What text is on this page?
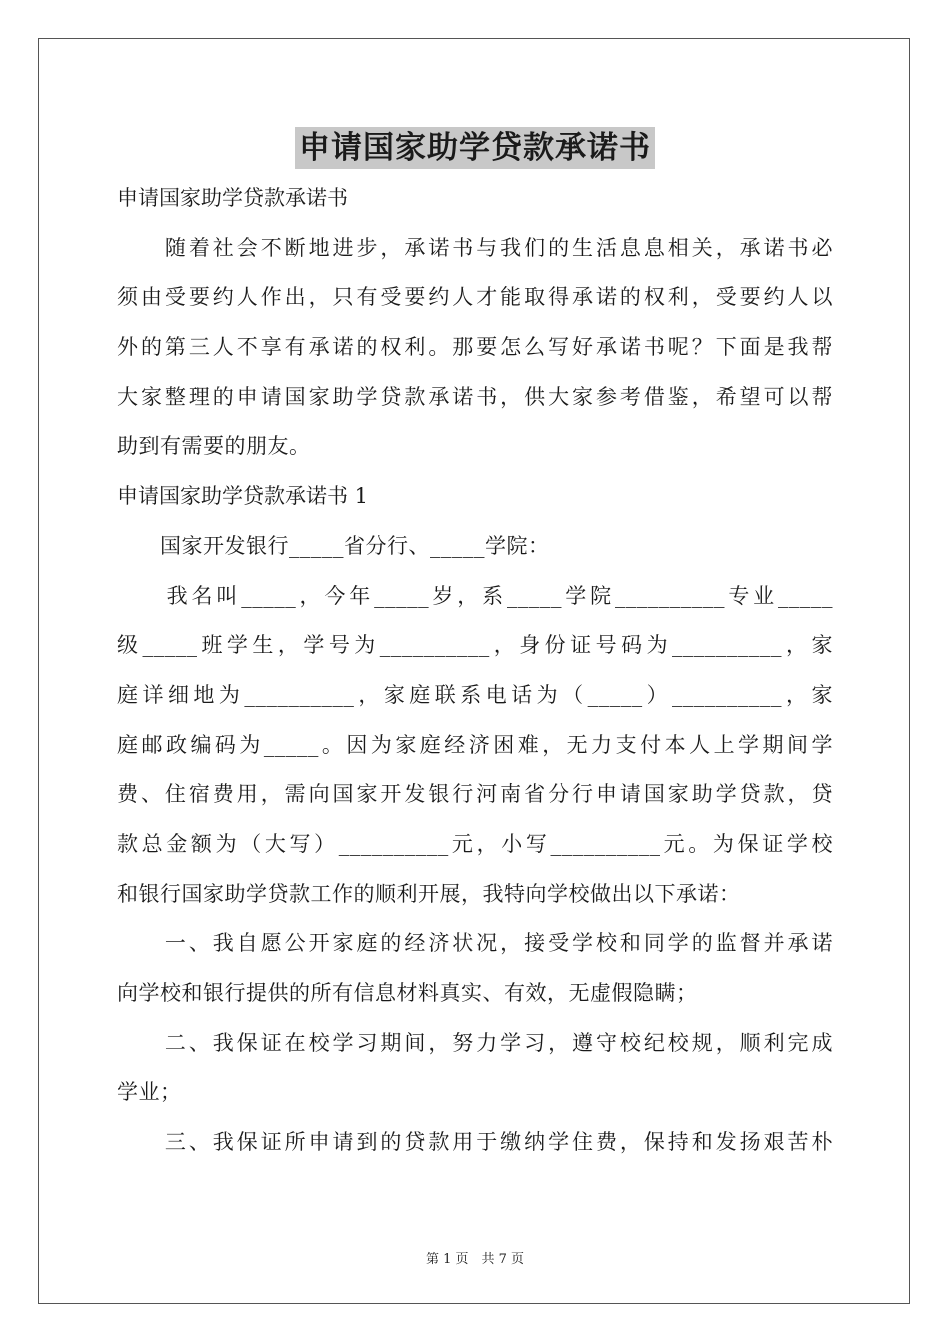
申请国家助学贷款承诺书
申请国家助学贷款承诺书
　　随着社会不断地进步，承诺书与我们的生活息息相关，承诺书必
须由受要约人作出，只有受要约人才能取得承诺的权利，受要约人以
外的第三人不享有承诺的权利。那要怎么写好承诺书呢？下面是我帮
大家整理的申请国家助学贷款承诺书，供大家参考借鉴，希望可以帮
助到有需要的朋友。
申请国家助学贷款承诺书 1
　　国家开发银行_____省分行、_____学院：
　　我名叫_____，今年_____岁，系_____学院__________专业_____
级_____班学生，学号为__________，身份证号码为__________，家
庭详细地为__________，家庭联系电话为（_____）__________，家
庭邮政编码为_____。因为家庭经济困难，无力支付本人上学期间学
费、住宿费用，需向国家开发银行河南省分行申请国家助学贷款，贷
款总金额为（大写）__________元，小写__________元。为保证学校
和银行国家助学贷款工作的顺利开展，我特向学校做出以下承诺：
　　一、我自愿公开家庭的经济状况，接受学校和同学的监督并承诺
向学校和银行提供的所有信息材料真实、有效，无虚假隐瞒；
　　二、我保证在校学习期间，努力学习，遵守校纪校规，顺利完成
学业；
　　三、我保证所申请到的贷款用于缴纳学住费，保持和发扬艰苦朴
第 1 页　共 7 页
